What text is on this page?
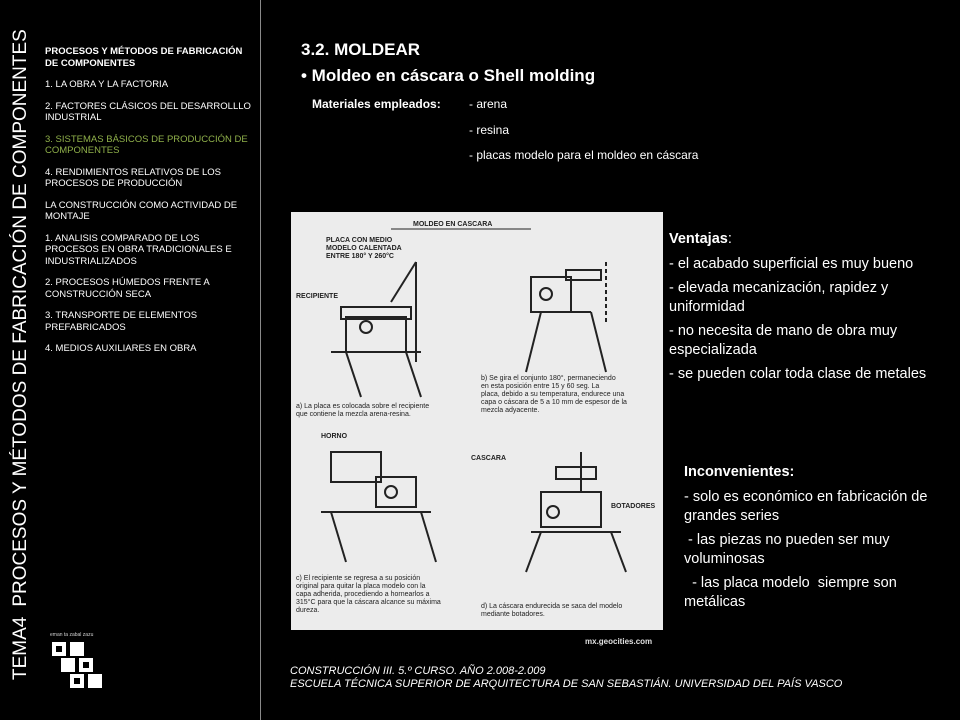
TEMA4PROCESOS Y MÉTODOS DE FABRICACIÓN DE COMPONENTES PROCESOS Y MÉTODOS DE FABRICACIÓN DE COMPONENTES
1. LA OBRA Y LA FACTORIA
2. FACTORES CLÁSICOS DEL DESARROLLLO INDUSTRIAL
3. SISTEMAS BÁSICOS DE PRODUCCIÓN DE COMPONENTES
4. RENDIMIENTOS RELATIVOS DE LOS PROCESOS DE PRODUCCIÓN
LA CONSTRUCCIÓN COMO ACTIVIDAD DE MONTAJE
1. ANALISIS COMPARADO DE LOS PROCESOS EN OBRA TRADICIONALES E INDUSTRIALIZADOS
2. PROCESOS HÚMEDOS FRENTE A CONSTRUCCIÓN SECA
3. TRANSPORTE DE ELEMENTOS PREFABRICADOS
4. MEDIOS AUXILIARES EN OBRA
eman ta zabal zazu
3.2. MOLDEAR
• Moldeo en cáscara o Shell molding
Materiales empleados: - arena
- resina
- placas modelo para el moldeo en cáscara
MOLDEO EN CASCARA
PLACA CON MEDIO MODELO CALENTADA ENTRE 180° Y 260°C
RECIPIENTE
a) La placa es colocada sobre el recipiente que contiene la mezcla arena-resina.
b) Se gira el conjunto 180°, permaneciendo en esta posición entre 15 y 60 seg. La placa, debido a su temperatura, endurece una capa o cáscara de 5 a 10 mm de espesor de la mezcla adyacente.
HORNO
CASCARA
BOTADORES
c) El recipiente se regresa a su posición original para quitar la placa modelo con la capa adherida, procediendo a hornearlos a 315°C para que la cáscara alcance su máxima dureza.
d) La cáscara endurecida se saca del modelo mediante botadores.
mx.geocities.com

Ventajas:

- el acabado superficial es muy bueno

- elevada mecanización, rapidez y uniformidad

- no necesita de mano de obra muy especializada

- se pueden colar toda clase de metales

Inconvenientes:

- solo es económico en fabricación de grandes series

- las piezas no pueden ser muy voluminosas

- las placa modelo  siempre son metálicas

CONSTRUCCIÓN III. 5.º CURSO. AÑO 2.008-2.009
ESCUELA TÉCNICA SUPERIOR DE ARQUITECTURA DE SAN SEBASTIÁN. UNIVERSIDAD DEL PAÍS VASCO
